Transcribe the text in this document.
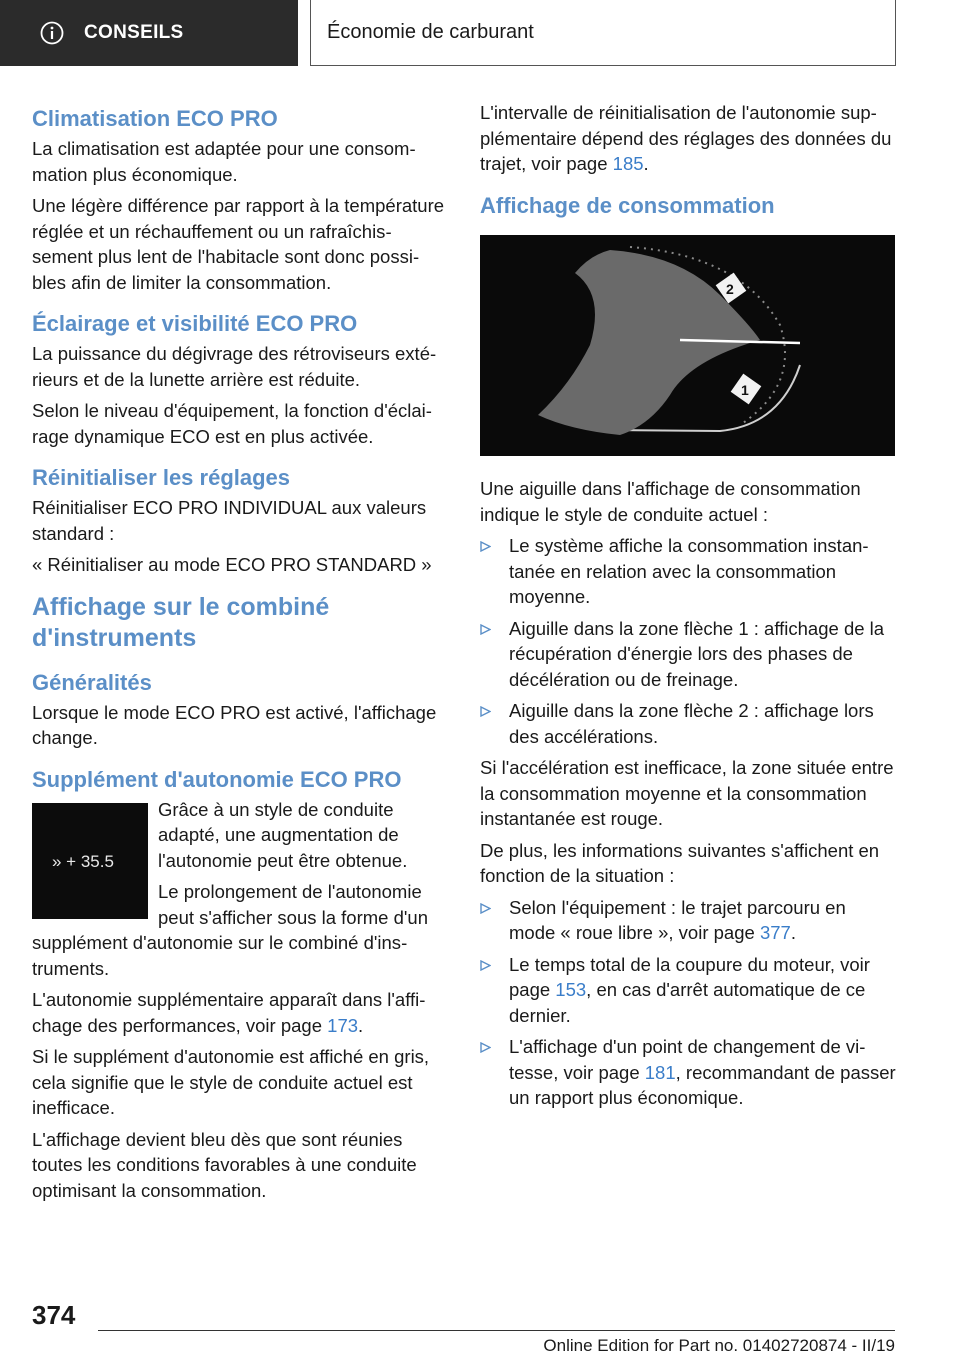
CONSEILS	Économie de carburant
Climatisation ECO PRO
La climatisation est adaptée pour une consommation plus économique.
Une légère différence par rapport à la température réglée et un réchauffement ou un rafraîchissement plus lent de l'habitacle sont donc possibles afin de limiter la consommation.
Éclairage et visibilité ECO PRO
La puissance du dégivrage des rétroviseurs extérieurs et de la lunette arrière est réduite.
Selon le niveau d'équipement, la fonction d'éclairage dynamique ECO est en plus activée.
Réinitialiser les réglages
Réinitialiser ECO PRO INDIVIDUAL aux valeurs standard :
« Réinitialiser au mode ECO PRO STANDARD »
Affichage sur le combiné d'instruments
Généralités
Lorsque le mode ECO PRO est activé, l'affichage change.
Supplément d'autonomie ECO PRO
» + 35.5
Grâce à un style de conduite adapté, une augmentation de l'autonomie peut être obtenue.
Le prolongement de l'autonomie peut s'afficher sous la forme d'un supplément d'autonomie sur le combiné d'instruments.
L'autonomie supplémentaire apparaît dans l'affichage des performances, voir page 173.
Si le supplément d'autonomie est affiché en gris, cela signifie que le style de conduite actuel est inefficace.
L'affichage devient bleu dès que sont réunies toutes les conditions favorables à une conduite optimisant la consommation.
L'intervalle de réinitialisation de l'autonomie supplémentaire dépend des réglages des données du trajet, voir page 185.
Affichage de consommation
2
1
Une aiguille dans l'affichage de consommation indique le style de conduite actuel :
Le système affiche la consommation instantanée en relation avec la consommation moyenne.
Aiguille dans la zone flèche 1 : affichage de la récupération d'énergie lors des phases de décélération ou de freinage.
Aiguille dans la zone flèche 2 : affichage lors des accélérations.
Si l'accélération est inefficace, la zone située entre la consommation moyenne et la consommation instantanée est rouge.
De plus, les informations suivantes s'affichent en fonction de la situation :
Selon l'équipement : le trajet parcouru en mode « roue libre », voir page 377.
Le temps total de la coupure du moteur, voir page 153, en cas d'arrêt automatique de ce dernier.
L'affichage d'un point de changement de vitesse, voir page 181, recommandant de passer un rapport plus économique.
374
Online Edition for Part no. 01402720874 - II/19
